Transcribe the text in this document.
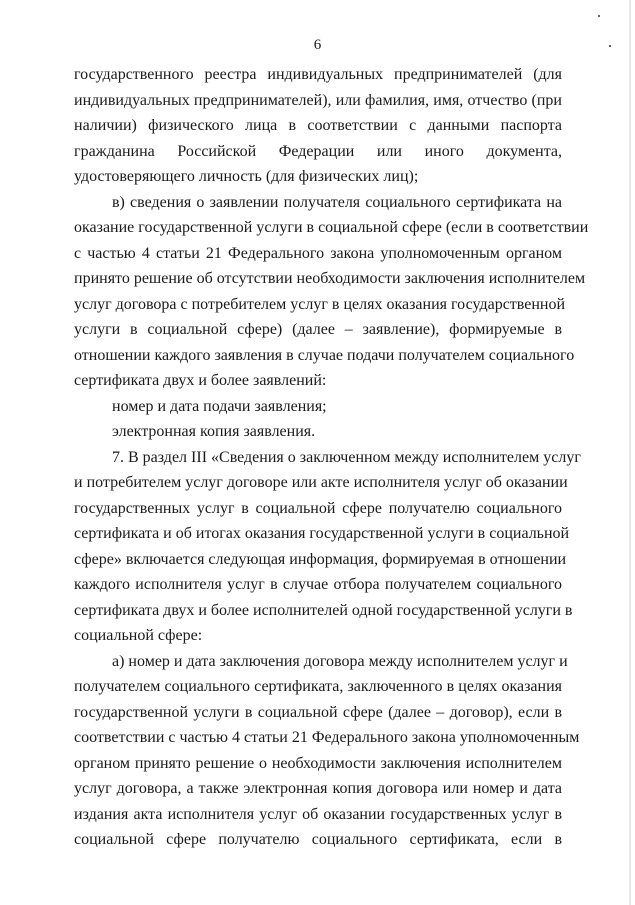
6
государственного реестра индивидуальных предпринимателей (для
индивидуальных предпринимателей), или фамилия, имя, отчество (при
наличии) физического лица в соответствии с данными паспорта
гражданина Российской Федерации или иного документа,
удостоверяющего личность (для физических лиц);
в) сведения о заявлении получателя социального сертификата на
оказание государственной услуги в социальной сфере (если в соответствии
с частью 4 статьи 21 Федерального закона уполномоченным органом
принято решение об отсутствии необходимости заключения исполнителем
услуг договора с потребителем услуг в целях оказания государственной
услуги в социальной сфере) (далее – заявление), формируемые в
отношении каждого заявления в случае подачи получателем социального
сертификата двух и более заявлений:
номер и дата подачи заявления;
электронная копия заявления.
7. В раздел III «Сведения о заключенном между исполнителем услуг
и потребителем услуг договоре или акте исполнителя услуг об оказании
государственных услуг в социальной сфере получателю социального
сертификата и об итогах оказания государственной услуги в социальной
сфере» включается следующая информация, формируемая в отношении
каждого исполнителя услуг в случае отбора получателем социального
сертификата двух и более исполнителей одной государственной услуги в
социальной сфере:
а) номер и дата заключения договора между исполнителем услуг и
получателем социального сертификата, заключенного в целях оказания
государственной услуги в социальной сфере (далее – договор), если в
соответствии с частью 4 статьи 21 Федерального закона уполномоченным
органом принято решение о необходимости заключения исполнителем
услуг договора, а также электронная копия договора или номер и дата
издания акта исполнителя услуг об оказании государственных услуг в
социальной сфере получателю социального сертификата, если в
